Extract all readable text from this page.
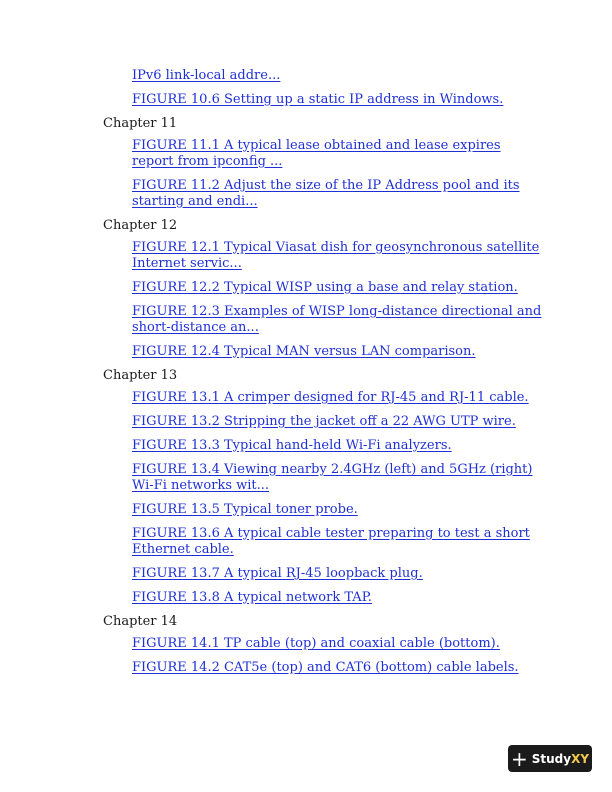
IPv6 link-local addre...
FIGURE 10.6 Setting up a static IP address in Windows.
Chapter 11
FIGURE 11.1 A typical lease obtained and lease expires report from ipconfig ...
FIGURE 11.2 Adjust the size of the IP Address pool and its starting and endi...
Chapter 12
FIGURE 12.1 Typical Viasat dish for geosynchronous satellite Internet servic...
FIGURE 12.2 Typical WISP using a base and relay station.
FIGURE 12.3 Examples of WISP long-distance directional and short-distance an...
FIGURE 12.4 Typical MAN versus LAN comparison.
Chapter 13
FIGURE 13.1 A crimper designed for RJ-45 and RJ-11 cable.
FIGURE 13.2 Stripping the jacket off a 22 AWG UTP wire.
FIGURE 13.3 Typical hand-held Wi-Fi analyzers.
FIGURE 13.4 Viewing nearby 2.4GHz (left) and 5GHz (right) Wi-Fi networks wit...
FIGURE 13.5 Typical toner probe.
FIGURE 13.6 A typical cable tester preparing to test a short Ethernet cable.
FIGURE 13.7 A typical RJ-45 loopback plug.
FIGURE 13.8 A typical network TAP.
Chapter 14
FIGURE 14.1 TP cable (top) and coaxial cable (bottom).
FIGURE 14.2 CAT5e (top) and CAT6 (bottom) cable labels.
+ Study XY
